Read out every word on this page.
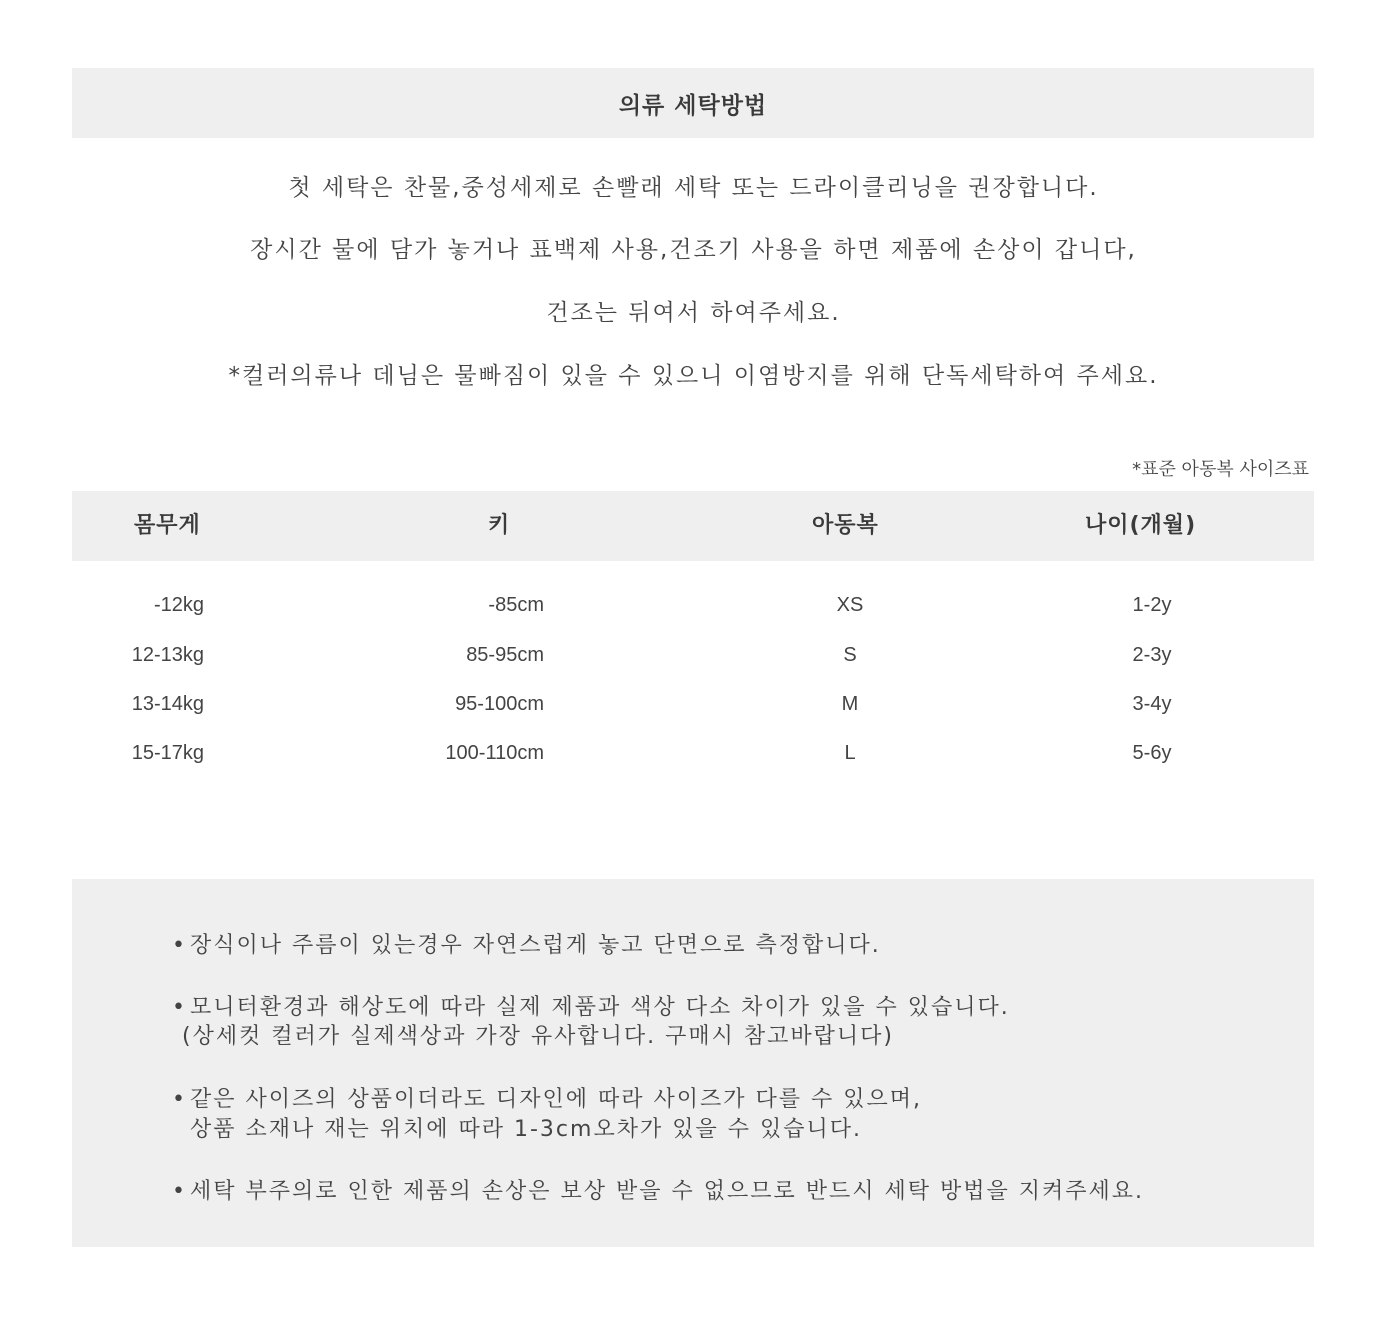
의류 세탁방법
첫 세탁은 찬물,중성세제로 손빨래 세탁 또는 드라이클리닝을 권장합니다.
장시간 물에 담가 놓거나 표백제 사용,건조기 사용을 하면 제품에 손상이 갑니다,
건조는 뒤여서 하여주세요.
*컬러의류나 데님은 물빠짐이 있을 수 있으니 이염방지를 위해 단독세탁하여 주세요.
*표준 아동복 사이즈표
몸무게	키	아동복	나이(개월)
-12kg	-85cm	XS	1-2y
12-13kg	85-95cm	S	2-3y
13-14kg	95-100cm	M	3-4y
15-17kg	100-110cm	L	5-6y
• 장식이나 주름이 있는경우 자연스럽게 놓고 단면으로 측정합니다.
• 모니터환경과 해상도에 따라 실제 제품과 색상 다소 차이가 있을 수 있습니다.
(상세컷 컬러가 실제색상과 가장 유사합니다. 구매시 참고바랍니다)
• 같은 사이즈의 상품이더라도 디자인에 따라 사이즈가 다를 수 있으며,
상품 소재나 재는 위치에 따라 1-3cm오차가 있을 수 있습니다.
• 세탁 부주의로 인한 제품의 손상은 보상 받을 수 없으므로 반드시 세탁 방법을 지켜주세요.
